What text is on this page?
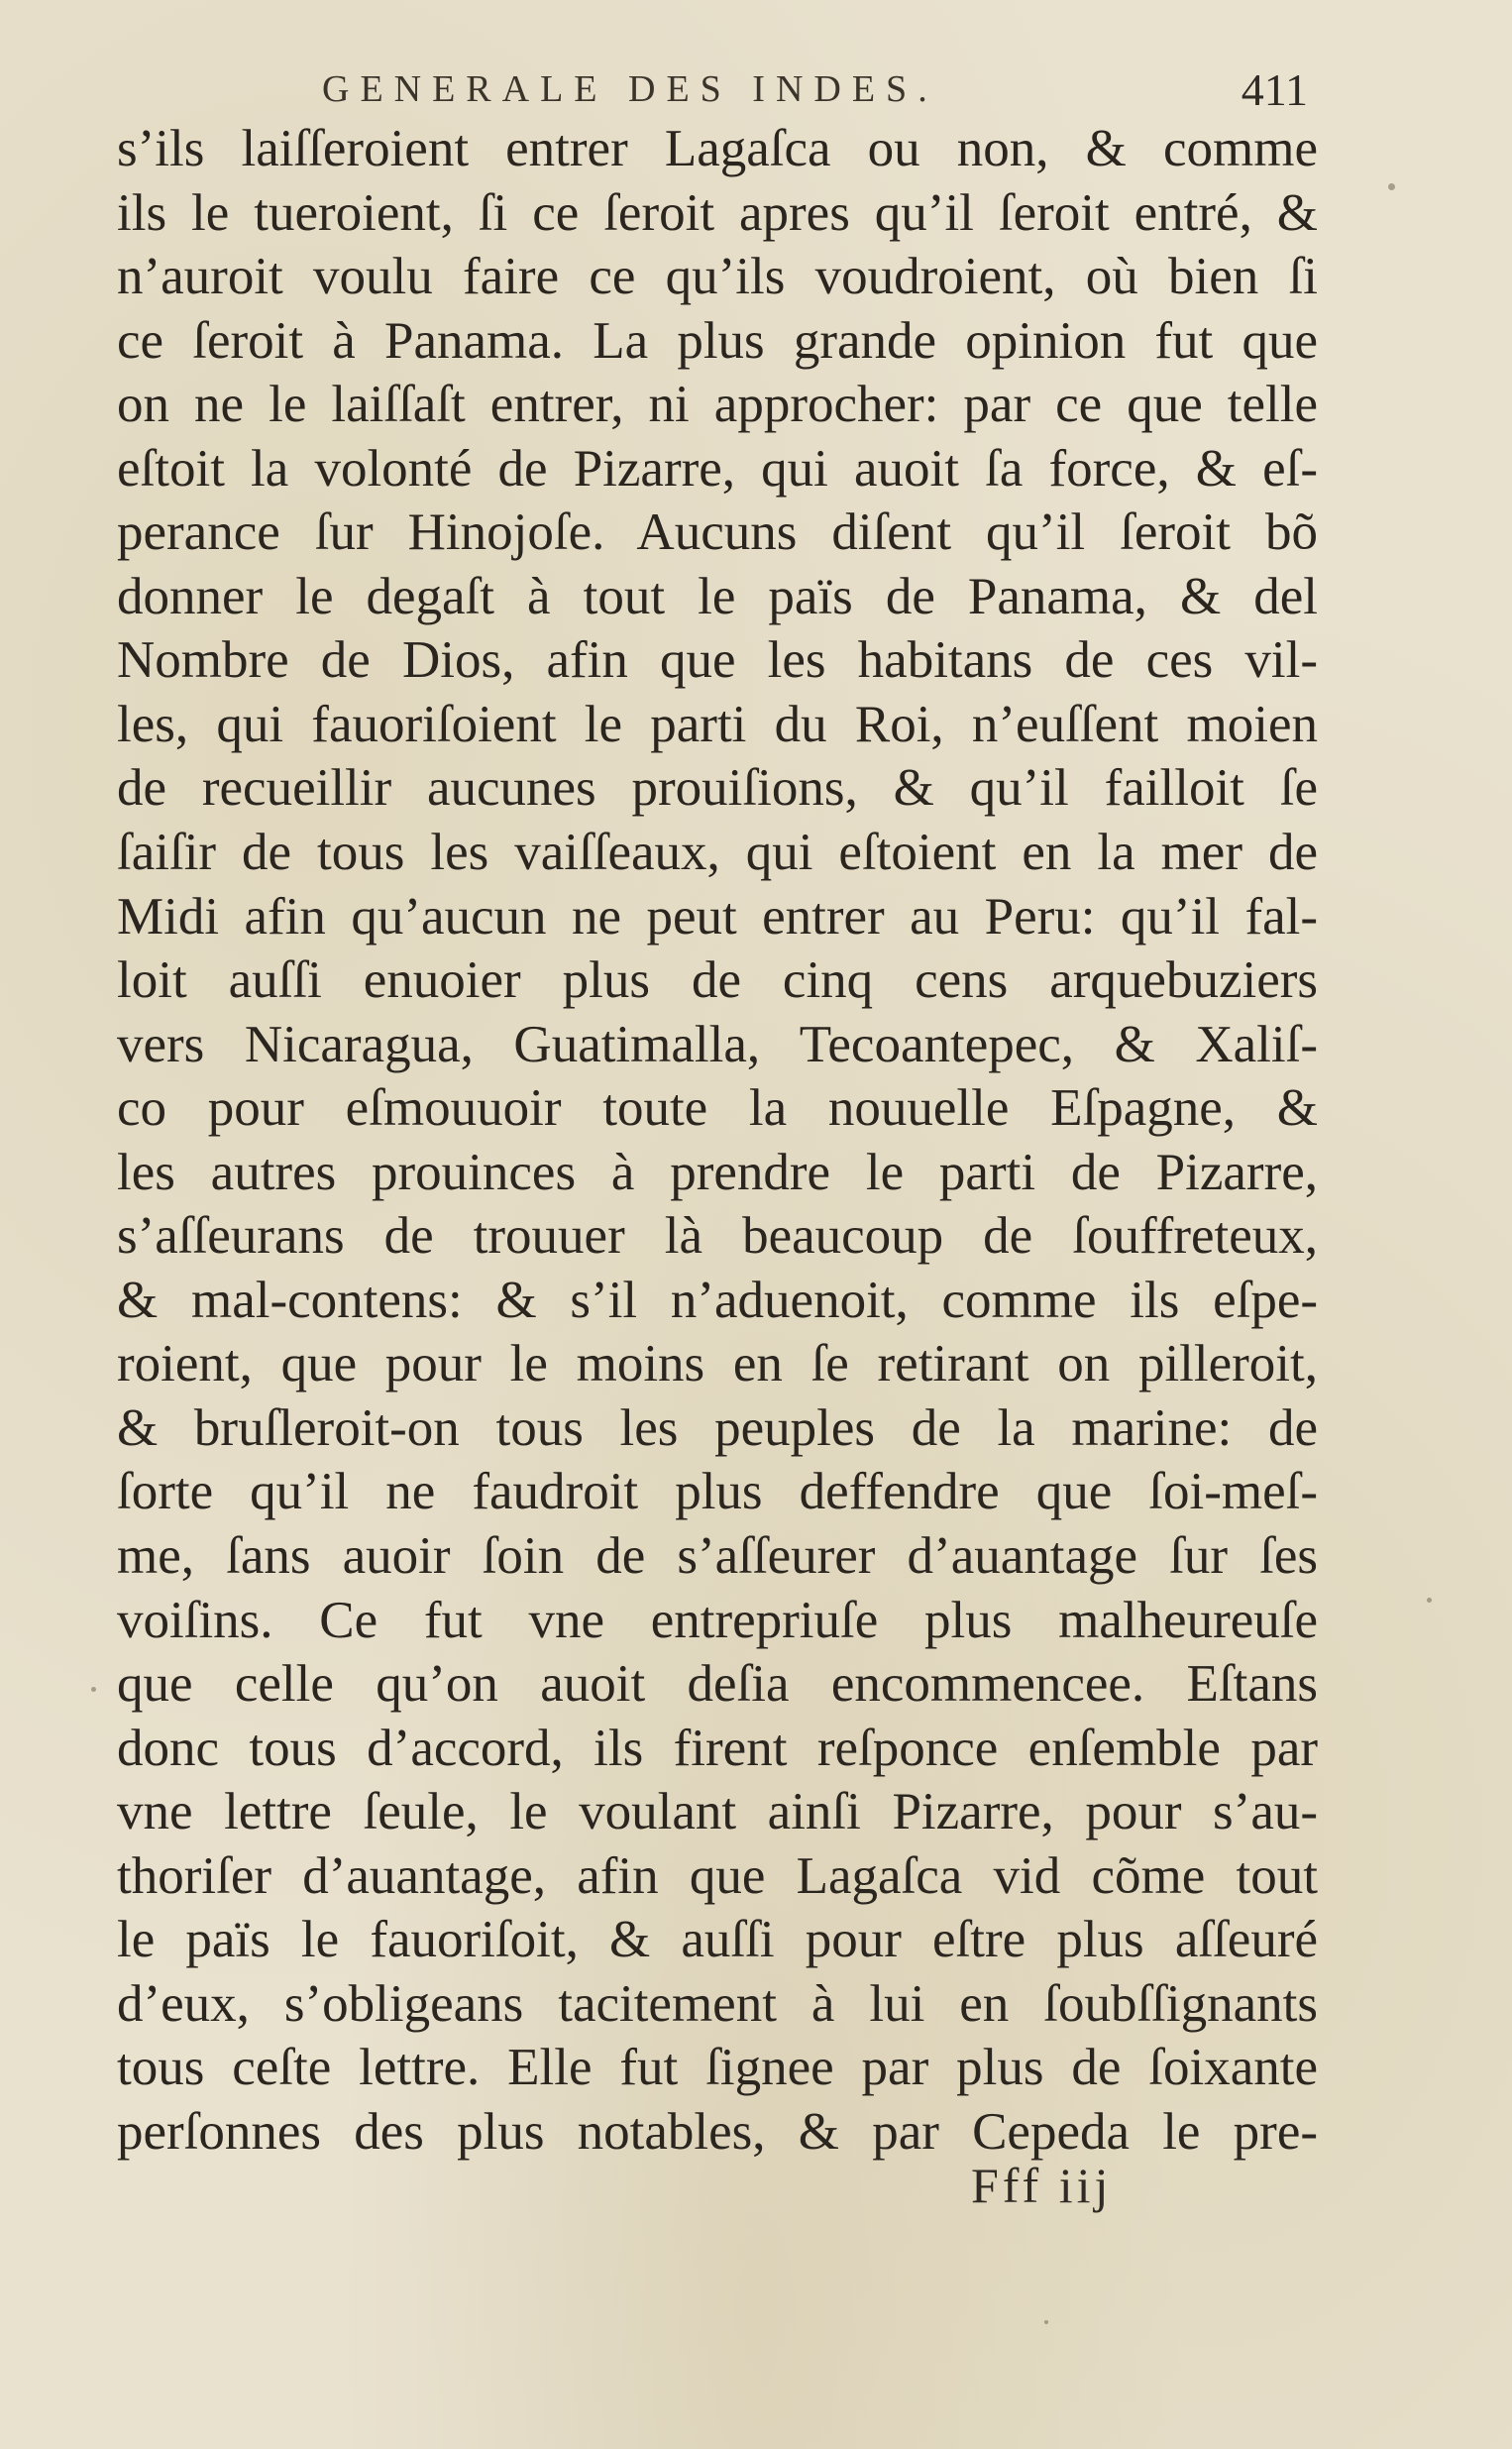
GENERALE DES INDES.	411
s’ils laiſſeroient entrer Lagaſca ou non, & comme
ils le tueroient, ſi ce ſeroit apres qu’il ſeroit entré, &
n’auroit voulu faire ce qu’ils voudroient, où bien ſi
ce ſeroit à Panama. La plus grande opinion fut que
on ne le laiſſaſt entrer, ni approcher: par ce que telle
eſtoit la volonté de Pizarre, qui auoit ſa force, & eſ-
perance ſur Hinojoſe. Aucuns diſent qu’il ſeroit bõ
donner le degaſt à tout le païs de Panama, & del
Nombre de Dios, afin que les habitans de ces vil-
les, qui fauoriſoient le parti du Roi, n’euſſent moien
de recueillir aucunes prouiſions, & qu’il failloit ſe
ſaiſir de tous les vaiſſeaux, qui eſtoient en la mer de
Midi afin qu’aucun ne peut entrer au Peru: qu’il fal-
loit auſſi enuoier plus de cinq cens arquebuziers
vers Nicaragua, Guatimalla, Tecoantepec, & Xaliſ-
co pour eſmouuoir toute la nouuelle Eſpagne, &
les autres prouinces à prendre le parti de Pizarre,
s’aſſeurans de trouuer là beaucoup de ſouffreteux,
& mal-contens: & s’il n’aduenoit, comme ils eſpe-
roient, que pour le moins en ſe retirant on pilleroit,
& bruſleroit-on tous les peuples de la marine: de
ſorte qu’il ne faudroit plus deffendre que ſoi-meſ-
me, ſans auoir ſoin de s’aſſeurer d’auantage ſur ſes
voiſins. Ce fut vne entrepriuſe plus malheureuſe
que celle qu’on auoit deſia encommencee. Eſtans
donc tous d’accord, ils firent reſponce enſemble par
vne lettre ſeule, le voulant ainſi Pizarre, pour s’au-
thoriſer d’auantage, afin que Lagaſca vid cõme tout
le païs le fauoriſoit, & auſſi pour eſtre plus aſſeuré
d’eux, s’obligeans tacitement à lui en ſoubſſignants
tous ceſte lettre. Elle fut ſignee par plus de ſoixante
perſonnes des plus notables, & par Cepeda le pre-
Fff iij
